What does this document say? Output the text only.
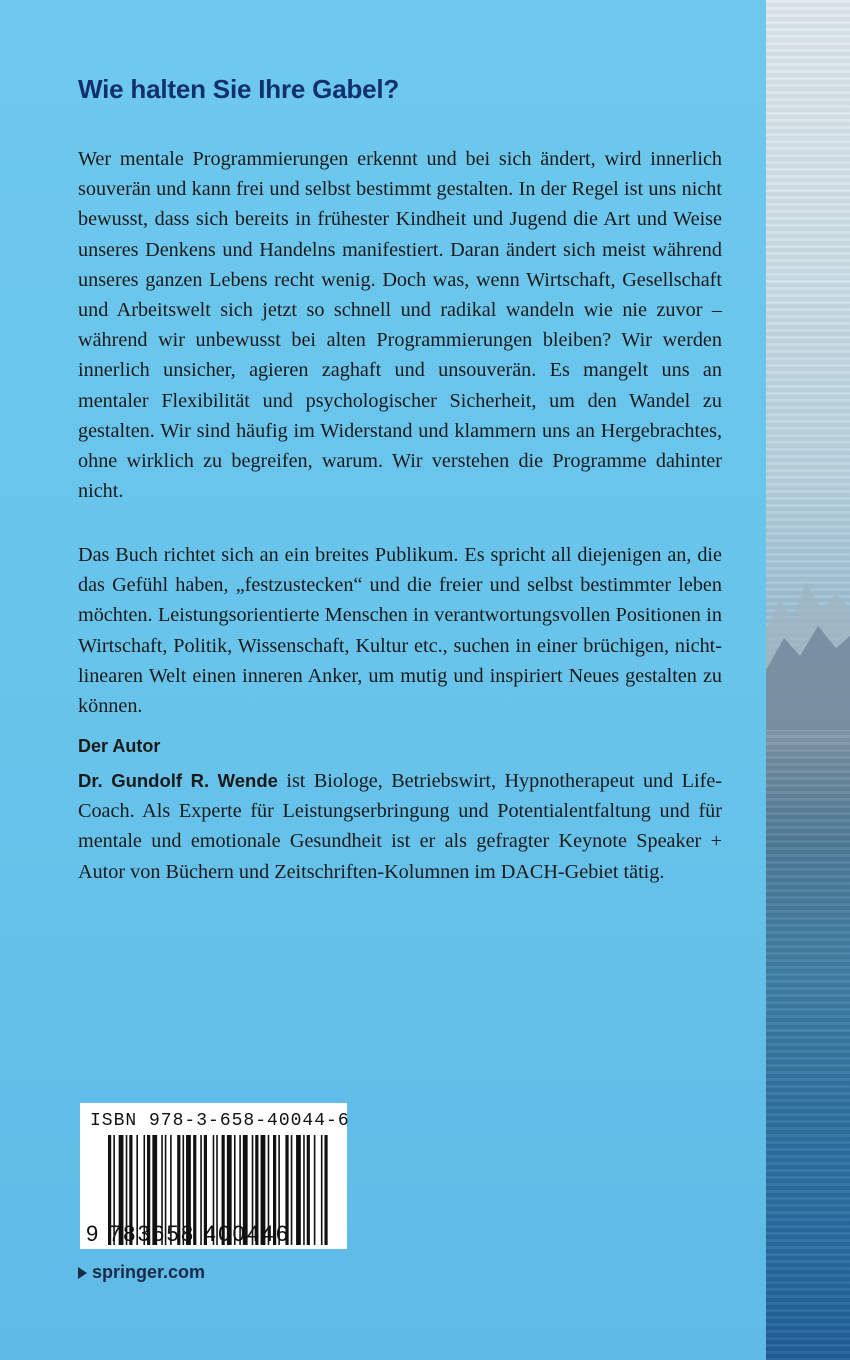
Wie halten Sie Ihre Gabel?

Wer mentale Programmierungen erkennt und bei sich ändert, wird innerlich souverän und kann frei und selbst bestimmt gestalten. In der Regel ist uns nicht bewusst, dass sich bereits in frühester Kindheit und Jugend die Art und Weise unseres Denkens und Handelns manifestiert. Daran ändert sich meist während unseres ganzen Lebens recht wenig. Doch was, wenn Wirtschaft, Gesellschaft und Arbeitswelt sich jetzt so schnell und radikal wandeln wie nie zuvor – während wir unbewusst bei alten Programmierungen bleiben? Wir werden innerlich unsicher, agieren zaghaft und unsouverän. Es mangelt uns an mentaler Flexibilität und psychologischer Sicherheit, um den Wandel zu gestalten. Wir sind häufig im Widerstand und klammern uns an Hergebrachtes, ohne wirklich zu begreifen, warum. Wir verstehen die Programme dahinter nicht.

Das Buch richtet sich an ein breites Publikum. Es spricht all diejenigen an, die das Gefühl haben, „festzustecken“ und die freier und selbst bestimmter leben möchten. Leistungsorientierte Menschen in verantwortungsvollen Positionen in Wirtschaft, Politik, Wissenschaft, Kultur etc., suchen in einer brüchigen, nicht-linearen Welt einen inneren Anker, um mutig und inspiriert Neues gestalten zu können.

Der Autor

Dr. Gundolf R. Wende ist Biologe, Betriebswirt, Hypnotherapeut und Life-Coach. Als Experte für Leistungserbringung und Potentialentfaltung und für mentale und emotionale Gesundheit ist er als gefragter Keynote Speaker + Autor von Büchern und Zeitschriften-Kolumnen im DACH-Gebiet tätig.

ISBN 978-3-658-40044-6
9 783658 400446
springer.com
